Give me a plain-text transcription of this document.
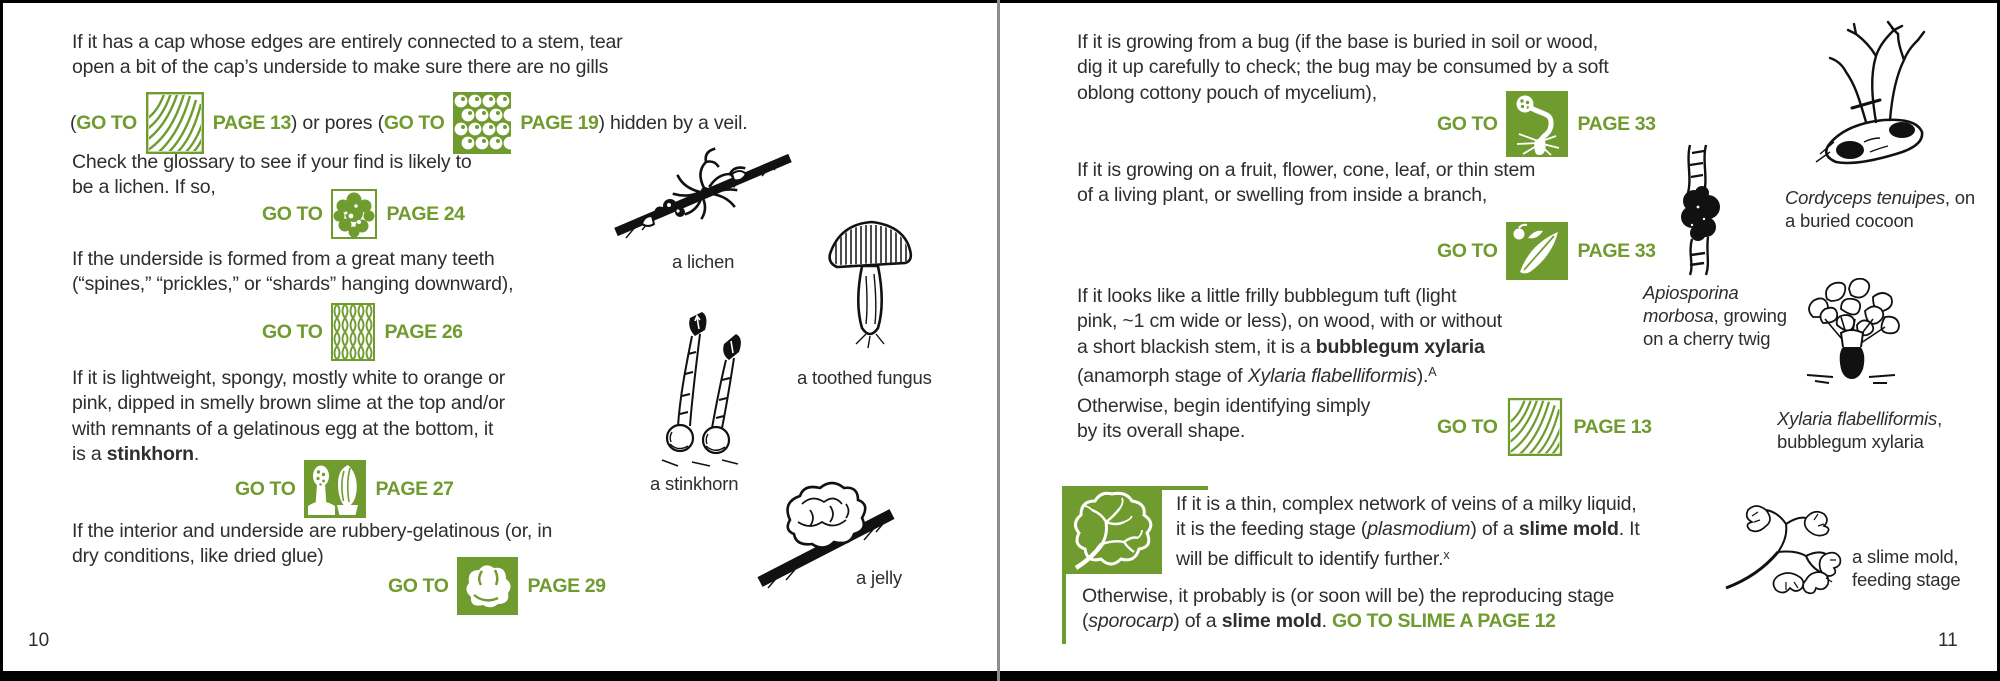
If it has a cap whose edges are entirely connected to a stem, tear
open a bit of the cap’s underside to make sure there are no gills
( GO TO	PAGE 13 ) or pores ( GO TO	PAGE 19 ) hidden by a veil.
Check the glossary to see if your find is likely to
be a lichen. If so,
GO TO	PAGE 24
If the underside is formed from a great many teeth
(“spines,” “prickles,” or “shards” hanging downward),
GO TO	PAGE 26
If it is lightweight, spongy, mostly white to orange or
pink, dipped in smelly brown slime at the top and/or
with remnants of a gelatinous egg at the bottom, it
is a stinkhorn.
GO TO	PAGE 27
If the interior and underside are rubbery-gelatinous (or, in
dry conditions, like dried glue)
GO TO	PAGE 29
10
a lichen
a toothed fungus
a stinkhorn
a jelly
If it is growing from a bug (if the base is buried in soil or wood,
dig it up carefully to check; the bug may be consumed by a soft
oblong cottony pouch of mycelium),
GO TO	PAGE 33
If it is growing on a fruit, flower, cone, leaf, or thin stem
of a living plant, or swelling from inside a branch,
GO TO	PAGE 33
If it looks like a little frilly bubblegum tuft (light
pink, ~1 cm wide or less), on wood, with or without
a short blackish stem, it is a bubblegum xylaria
(anamorph stage of Xylaria flabelliformis).$^A$
Otherwise, begin identifying simply
by its overall shape.	GO TO	PAGE 13
If it is a thin, complex network of veins of a milky liquid,
it is the feeding stage (plasmodium) of a slime mold. It
will be difficult to identify further.$^x$
Otherwise, it probably is (or soon will be) the reproducing stage
(sporocarp) of a slime mold. GO TO SLIME A PAGE 12
11
Cordyceps tenuipes, on
a buried cocoon
Apiosporina
morbosa, growing
on a cherry twig
Xylaria flabelliformis,
bubblegum xylaria
a slime mold,
feeding stage
